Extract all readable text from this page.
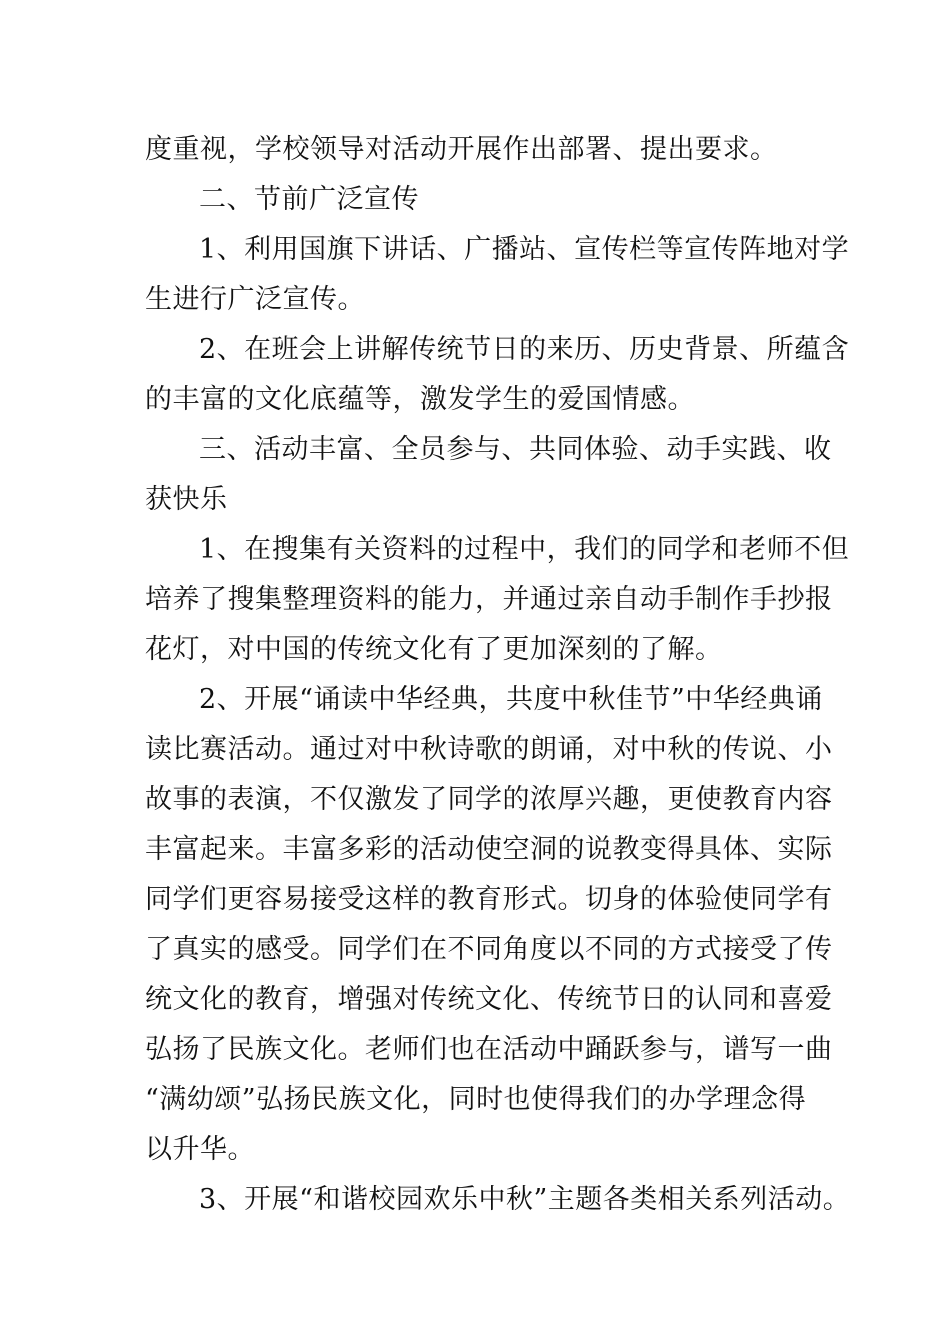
度重视，学校领导对活动开展作出部署、提出要求。
二、节前广泛宣传
1、利用国旗下讲话、广播站、宣传栏等宣传阵地对学
生进行广泛宣传。
2、在班会上讲解传统节日的来历、历史背景、所蕴含
的丰富的文化底蕴等，激发学生的爱国情感。
三、活动丰富、全员参与、共同体验、动手实践、收
获快乐
1、在搜集有关资料的过程中，我们的同学和老师不但
培养了搜集整理资料的能力，并通过亲自动手制作手抄报
花灯，对中国的传统文化有了更加深刻的了解。
2、开展“诵读中华经典，共度中秋佳节”中华经典诵
读比赛活动。通过对中秋诗歌的朗诵，对中秋的传说、小
故事的表演，不仅激发了同学的浓厚兴趣，更使教育内容
丰富起来。丰富多彩的活动使空洞的说教变得具体、实际
同学们更容易接受这样的教育形式。切身的体验使同学有
了真实的感受。同学们在不同角度以不同的方式接受了传
统文化的教育，增强对传统文化、传统节日的认同和喜爱
弘扬了民族文化。老师们也在活动中踊跃参与，谱写一曲
“满幼颂”弘扬民族文化，同时也使得我们的办学理念得
以升华。
3、开展“和谐校园欢乐中秋”主题各类相关系列活动。
